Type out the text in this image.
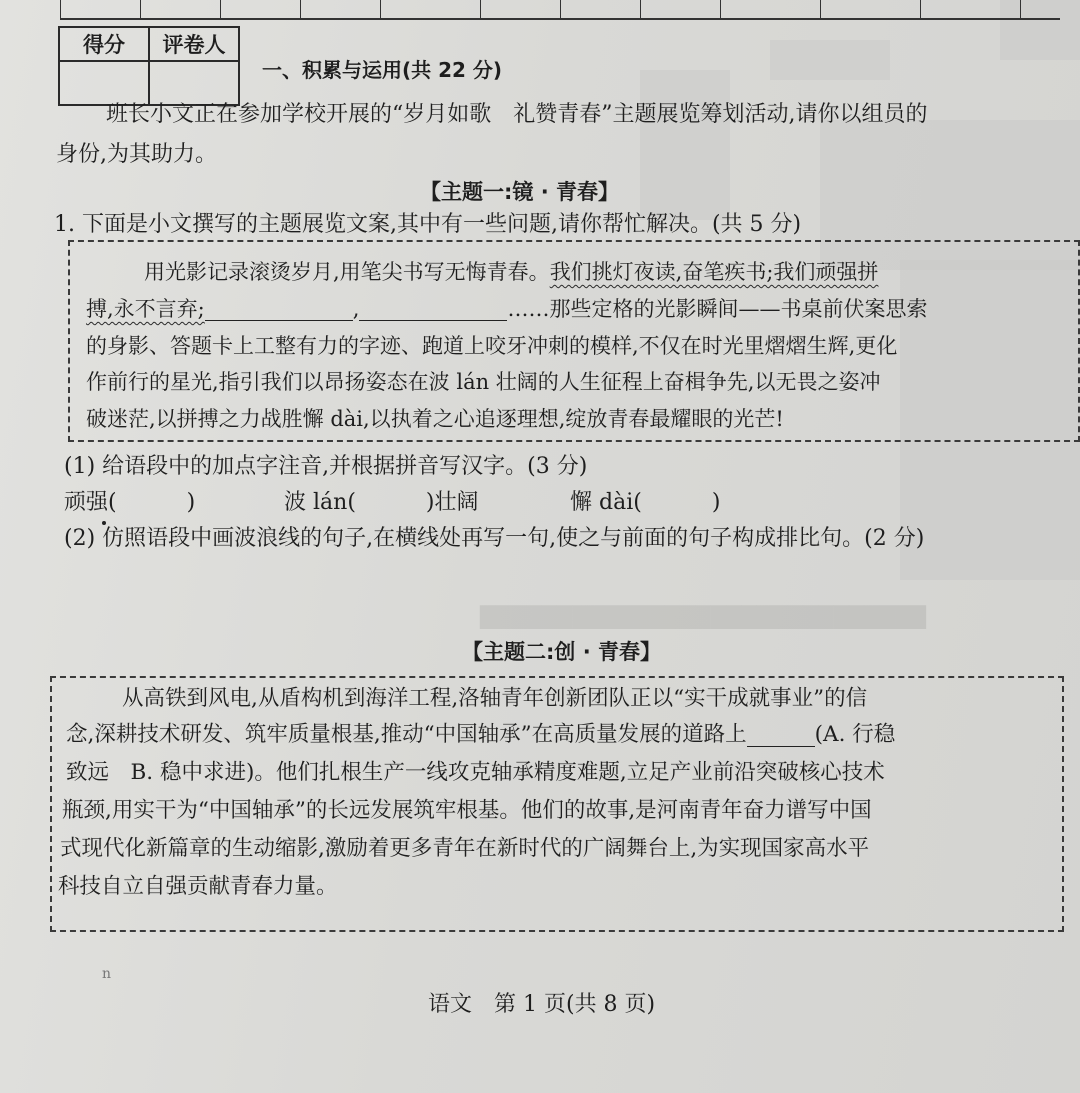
得分	评卷人

一、积累与运用(共 22 分)
班长小文正在参加学校开展的“岁月如歌　礼赞青春”主题展览筹划活动,请你以组员的
身份,为其助力。
【主题一:镜 · 青春】
1. 下面是小文撰写的主题展览文案,其中有一些问题,请你帮忙解决。(共 5 分)
用光影记录滚烫岁月,用笔尖书写无悔青春。我们挑灯夜读,奋笔疾书;我们顽强拼
搏,永不言弃;	,	……那些定格的光影瞬间——书桌前伏案思索
的身影、答题卡上工整有力的字迹、跑道上咬牙冲刺的模样,不仅在时光里熠熠生辉,更化
作前行的星光,指引我们以昂扬姿态在波 lán 壮阔的人生征程上奋楫争先,以无畏之姿冲
破迷茫,以拼搏之力战胜懈 dài,以执着之心追逐理想,绽放青春最耀眼的光芒!
(1) 给语段中的加点字注音,并根据拼音写汉字。(3 分)
顽强(	)	波 lán(	)壮阔	懈 dài(	)
(2) 仿照语段中画波浪线的句子,在横线处再写一句,使之与前面的句子构成排比句。(2 分)
█████████████████████████████
【主题二:创 · 青春】
从高铁到风电,从盾构机到海洋工程,洛轴青年创新团队正以“实干成就事业”的信
念,深耕技术研发、筑牢质量根基,推动“中国轴承”在高质量发展的道路上	(A. 行稳
致远　B. 稳中求进)。他们扎根生产一线攻克轴承精度难题,立足产业前沿突破核心技术
瓶颈,用实干为“中国轴承”的长远发展筑牢根基。他们的故事,是河南青年奋力谱写中国
式现代化新篇章的生动缩影,激励着更多青年在新时代的广阔舞台上,为实现国家高水平
科技自立自强贡献青春力量。
n
语文　第 1 页(共 8 页)
